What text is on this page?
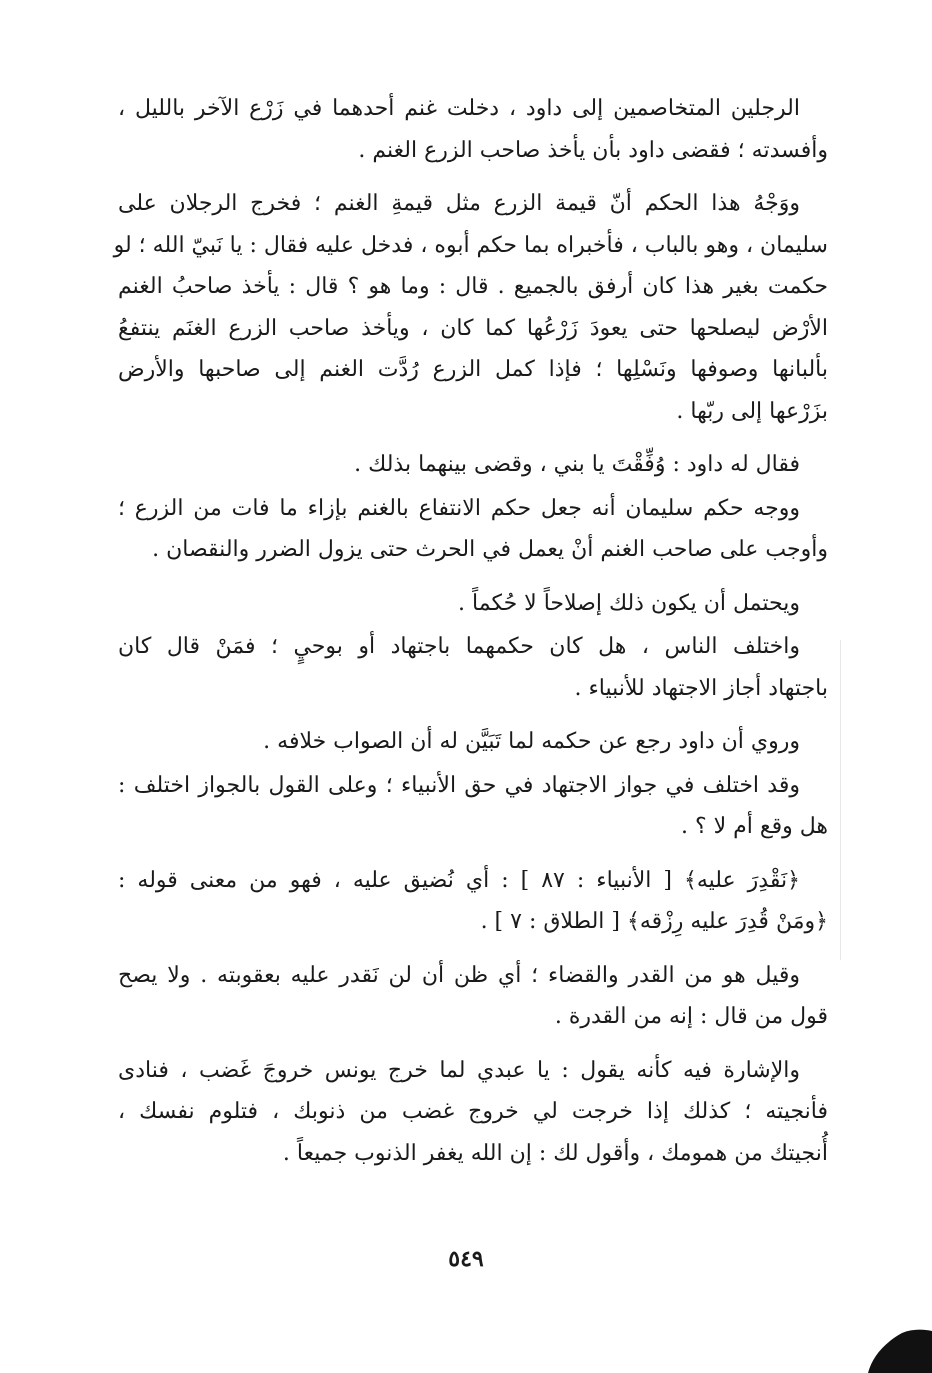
الرجلين المتخاصمين إلى داود ، دخلت غنم أحدهما في زَرْع الآخر بالليل ،
وأفسدته ؛ فقضى داود بأن يأخذ صاحب الزرع الغنم .
ووَجْهُ هذا الحكم أنّ قيمة الزرع مثل قيمةِ الغنم ؛ فخرج الرجلان على
سليمان ، وهو بالباب ، فأخبراه بما حكم أبوه ، فدخل عليه فقال : يا نَبيّ الله ؛ لو
حكمت بغير هذا كان أرفق بالجميع . قال : وما هو ؟ قال : يأخذ صاحبُ الغنم
الأرْض ليصلحها حتى يعودَ زَرْعُها كما كان ، ويأخذ صاحب الزرع الغنَم ينتفعُ
بألبانها وصوفها ونَسْلِها ؛ فإذا كمل الزرع رُدَّت الغنم إلى صاحبها والأرض
بزَرْعها إلى ربّها .
فقال له داود : وُفِّقْتَ يا بني ، وقضى بينهما بذلك .
ووجه حكم سليمان أنه جعل حكم الانتفاع بالغنم بإزاء ما فات من الزرع ؛
وأوجب على صاحب الغنم أنْ يعمل في الحرث حتى يزول الضرر والنقصان .
ويحتمل أن يكون ذلك إصلاحاً لا حُكماً .
واختلف الناس ، هل كان حكمهما باجتهاد أو بوحيٍ ؛ فمَنْ قال كان
باجتهاد أجاز الاجتهاد للأنبياء .
وروي أن داود رجع عن حكمه لما تَبَيَّن له أن الصواب خلافه .
وقد اختلف في جواز الاجتهاد في حق الأنبياء ؛ وعلى القول بالجواز اختلف :
هل وقع أم لا ؟ .
﴿نَقْدِرَ عليه﴾ [ الأنبياء : ٨٧ ] : أي نُضيق عليه ، فهو من معنى قوله :
﴿ومَنْ قُدِرَ عليه رِزْقه﴾ [ الطلاق : ٧ ] .
وقيل هو من القدر والقضاء ؛ أي ظن أن لن نَقدر عليه بعقوبته . ولا يصح
قول من قال : إنه من القدرة .
والإشارة فيه كأنه يقول : يا عبدي لما خرج يونس خروجَ غَضب ، فنادى
فأنجيته ؛ كذلك إذا خرجت لي خروج غضب من ذنوبك ، فتلوم نفسك ،
أُنجيتك من همومك ، وأقول لك : إن الله يغفر الذنوب جميعاً .
٥٤٩
